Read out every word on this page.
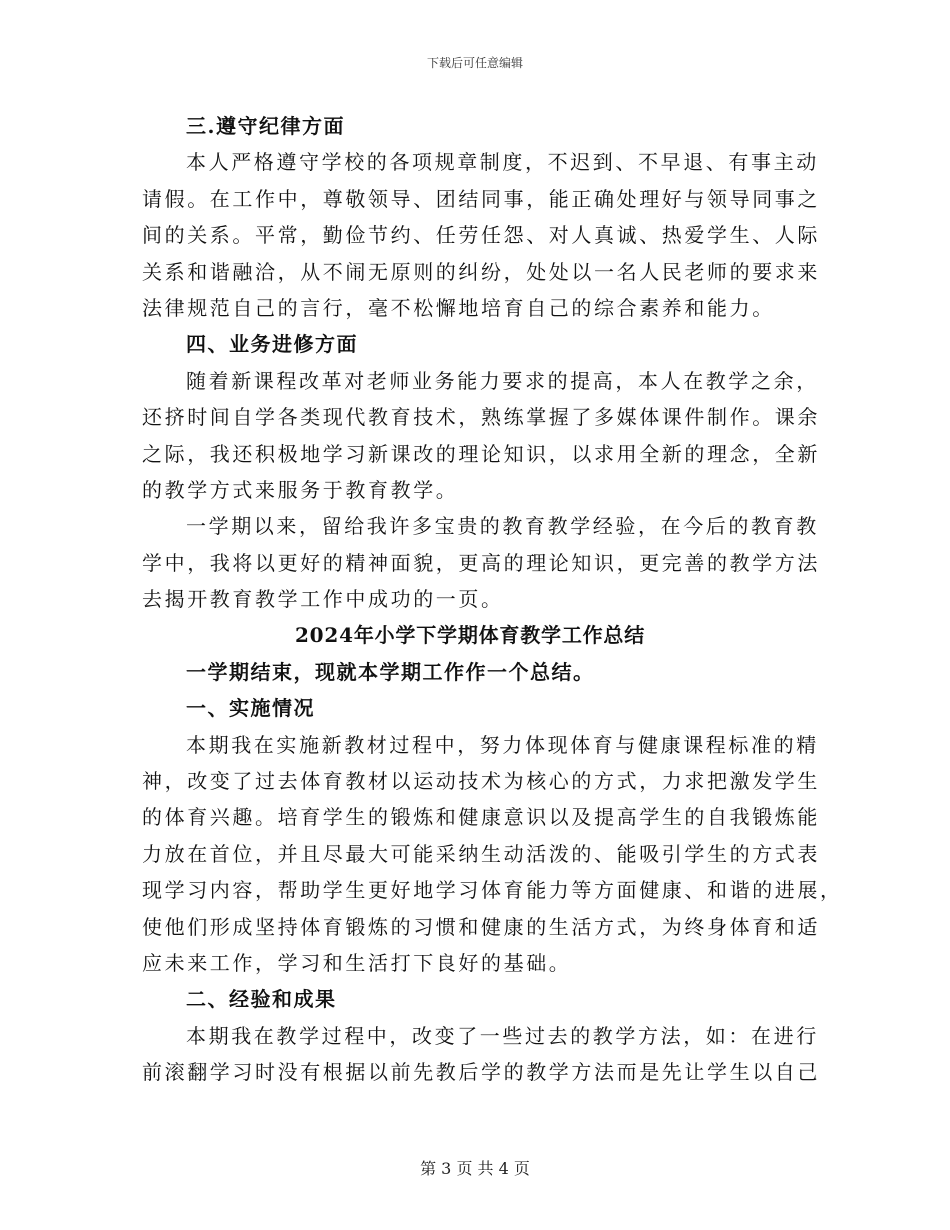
下载后可任意编辑
三.遵守纪律方面
本人严格遵守学校的各项规章制度，不迟到、不早退、有事主动
请假。在工作中，尊敬领导、团结同事，能正确处理好与领导同事之
间的关系。平常，勤俭节约、任劳任怨、对人真诚、热爱学生、人际
关系和谐融洽，从不闹无原则的纠纷，处处以一名人民老师的要求来
法律规范自己的言行，毫不松懈地培育自己的综合素养和能力。
四、业务进修方面
随着新课程改革对老师业务能力要求的提高，本人在教学之余，
还挤时间自学各类现代教育技术，熟练掌握了多媒体课件制作。课余
之际，我还积极地学习新课改的理论知识，以求用全新的理念，全新
的教学方式来服务于教育教学。
一学期以来，留给我许多宝贵的教育教学经验，在今后的教育教
学中，我将以更好的精神面貌，更高的理论知识，更完善的教学方法
去揭开教育教学工作中成功的一页。
2024年小学下学期体育教学工作总结
一学期结束，现就本学期工作作一个总结。
一、实施情况
本期我在实施新教材过程中，努力体现体育与健康课程标准的精
神，改变了过去体育教材以运动技术为核心的方式，力求把激发学生
的体育兴趣。培育学生的锻炼和健康意识以及提高学生的自我锻炼能
力放在首位，并且尽最大可能采纳生动活泼的、能吸引学生的方式表
现学习内容，帮助学生更好地学习体育能力等方面健康、和谐的进展，
使他们形成坚持体育锻炼的习惯和健康的生活方式，为终身体育和适
应未来工作，学习和生活打下良好的基础。
二、经验和成果
本期我在教学过程中，改变了一些过去的教学方法，如：在进行
前滚翻学习时没有根据以前先教后学的教学方法而是先让学生以自己
第 3 页 共 4 页
